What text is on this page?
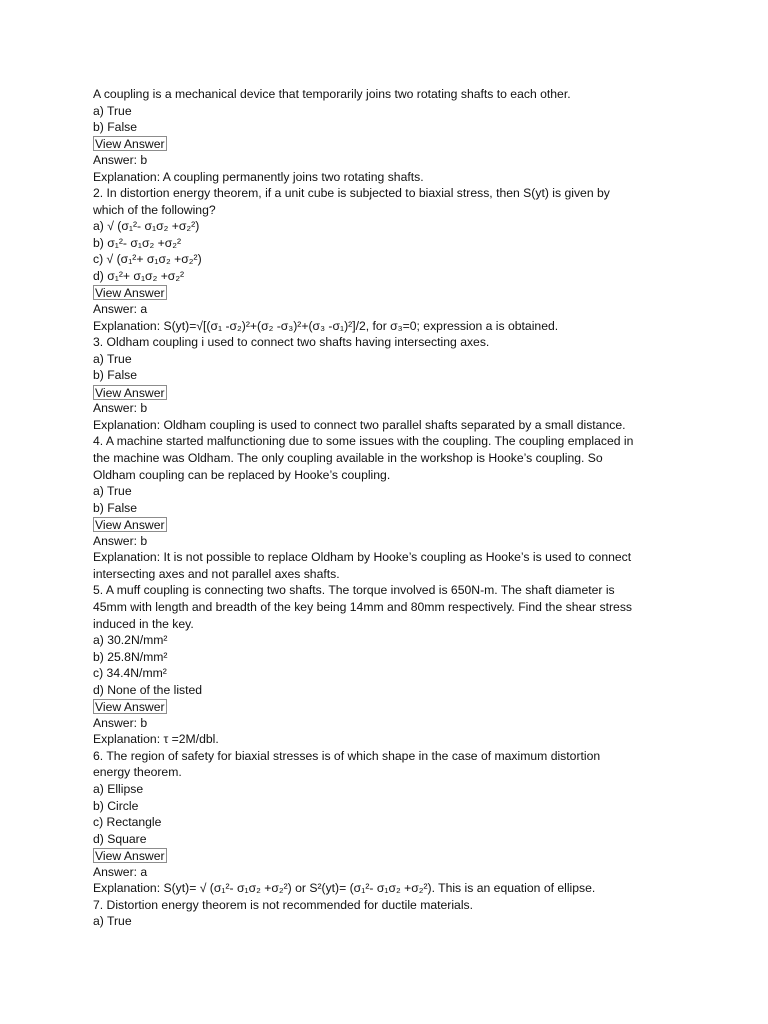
A coupling is a mechanical device that temporarily joins two rotating shafts to each other.
a) True
b) False
View Answer
Answer: b
Explanation: A coupling permanently joins two rotating shafts.
2. In distortion energy theorem, if a unit cube is subjected to biaxial stress, then S(yt) is given by
which of the following?
a) √ (σ₁²- σ₁σ₂ +σ₂²)
b) σ₁²- σ₁σ₂ +σ₂²
c) √ (σ₁²+ σ₁σ₂ +σ₂²)
d) σ₁²+ σ₁σ₂ +σ₂²
View Answer
Answer: a
Explanation: S(yt)=√[(σ₁ -σ₂)²+(σ₂ -σ₃)²+(σ₃ -σ₁)²]/2, for σ₃=0; expression a is obtained.
3. Oldham coupling i used to connect two shafts having intersecting axes.
a) True
b) False
View Answer
Answer: b
Explanation: Oldham coupling is used to connect two parallel shafts separated by a small distance.
4. A machine started malfunctioning due to some issues with the coupling. The coupling emplaced in
the machine was Oldham. The only coupling available in the workshop is Hooke’s coupling. So
Oldham coupling can be replaced by Hooke’s coupling.
a) True
b) False
View Answer
Answer: b
Explanation: It is not possible to replace Oldham by Hooke’s coupling as Hooke’s is used to connect
intersecting axes and not parallel axes shafts.
5. A muff coupling is connecting two shafts. The torque involved is 650N-m. The shaft diameter is
45mm with length and breadth of the key being 14mm and 80mm respectively. Find the shear stress
induced in the key.
a) 30.2N/mm²
b) 25.8N/mm²
c) 34.4N/mm²
d) None of the listed
View Answer
Answer: b
Explanation: τ =2M/dbl.
6. The region of safety for biaxial stresses is of which shape in the case of maximum distortion
energy theorem.
a) Ellipse
b) Circle
c) Rectangle
d) Square
View Answer
Answer: a
Explanation: S(yt)= √ (σ₁²- σ₁σ₂ +σ₂²) or S²(yt)= (σ₁²- σ₁σ₂ +σ₂²). This is an equation of ellipse.
7. Distortion energy theorem is not recommended for ductile materials.
a) True
